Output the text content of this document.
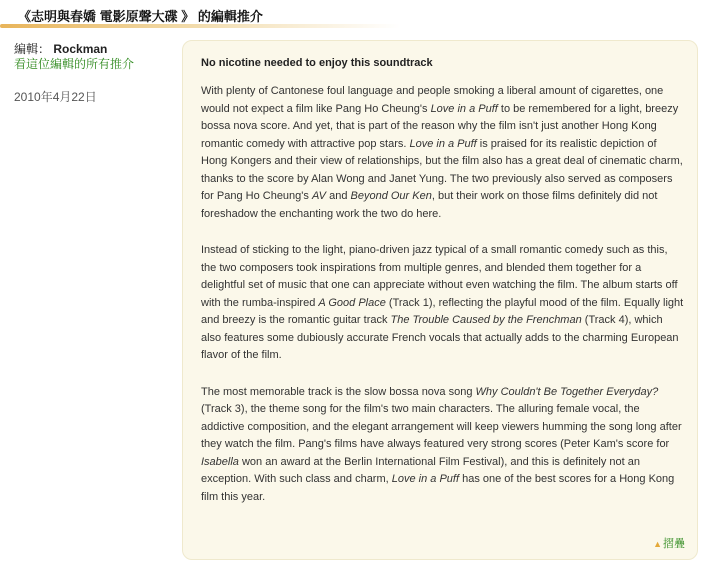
《志明與春嬌 電影原聲大碟 》 的編輯推介
編輯： Rockman
看這位編輯的所有推介
2010年4月22日
No nicotine needed to enjoy this soundtrack

With plenty of Cantonese foul language and people smoking a liberal amount of cigarettes, one would not expect a film like Pang Ho Cheung's Love in a Puff to be remembered for a light, breezy bossa nova score. And yet, that is part of the reason why the film isn't just another Hong Kong romantic comedy with attractive pop stars. Love in a Puff is praised for its realistic depiction of Hong Kongers and their view of relationships, but the film also has a great deal of cinematic charm, thanks to the score by Alan Wong and Janet Yung. The two previously also served as composers for Pang Ho Cheung's AV and Beyond Our Ken, but their work on those films definitely did not foreshadow the enchanting work the two do here.

Instead of sticking to the light, piano-driven jazz typical of a small romantic comedy such as this, the two composers took inspirations from multiple genres, and blended them together for a delightful set of music that one can appreciate without even watching the film. The album starts off with the rumba-inspired A Good Place (Track 1), reflecting the playful mood of the film. Equally light and breezy is the romantic guitar track The Trouble Caused by the Frenchman (Track 4), which also features some dubiously accurate French vocals that actually adds to the charming European flavor of the film.

The most memorable track is the slow bossa nova song Why Couldn't Be Together Everyday? (Track 3), the theme song for the film's two main characters. The alluring female vocal, the addictive composition, and the elegant arrangement will keep viewers humming the song long after they watch the film. Pang's films have always featured very strong scores (Peter Kam's score for Isabella won an award at the Berlin International Film Festival), and this is definitely not an exception. With such class and charm, Love in a Puff has one of the best scores for a Hong Kong film this year.

▲摺疊
